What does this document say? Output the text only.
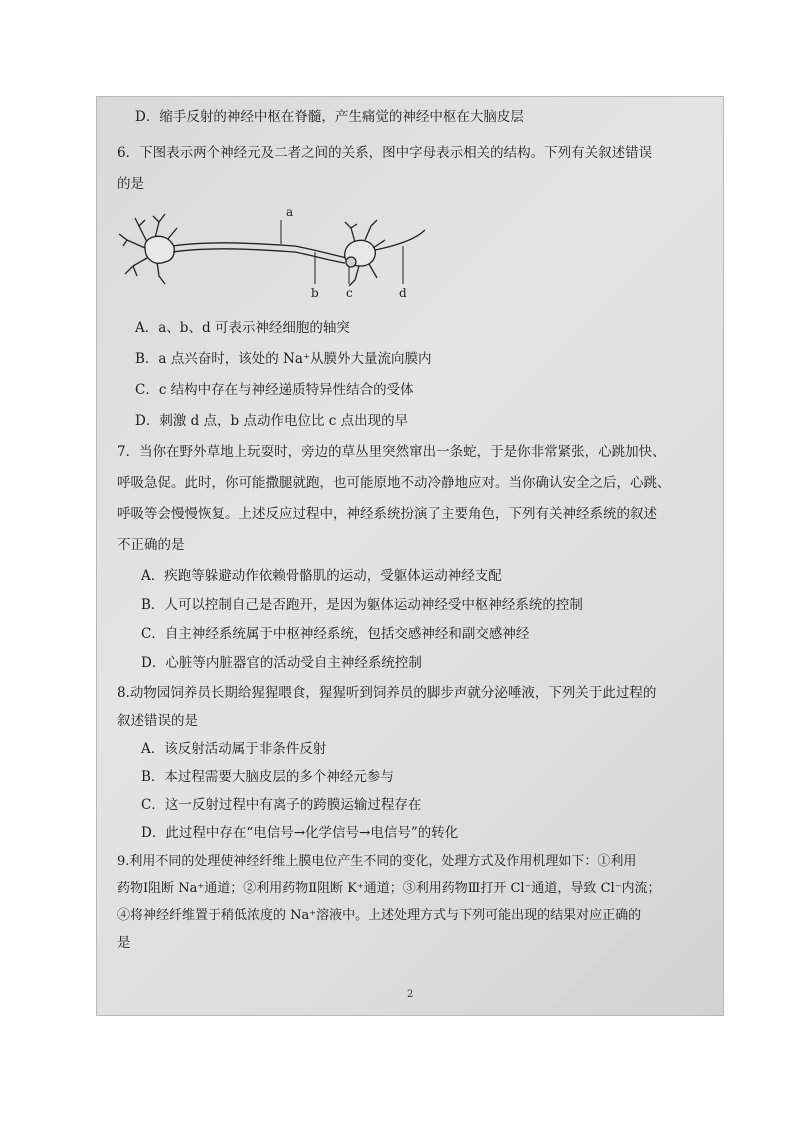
D．缩手反射的神经中枢在脊髓，产生痛觉的神经中枢在大脑皮层
6．下图表示两个神经元及二者之间的关系，图中字母表示相关的结构。下列有关叙述错误
的是
a
b c	d
A．a、b、d 可表示神经细胞的轴突
B．a 点兴奋时，该处的 Na⁺从膜外大量流向膜内
C．c 结构中存在与神经递质特异性结合的受体
D．刺激 d 点，b 点动作电位比 c 点出现的早
7．当你在野外草地上玩耍时，旁边的草丛里突然窜出一条蛇，于是你非常紧张，心跳加快、
呼吸急促。此时，你可能撒腿就跑，也可能原地不动冷静地应对。当你确认安全之后，心跳、
呼吸等会慢慢恢复。上述反应过程中，神经系统扮演了主要角色，下列有关神经系统的叙述
不正确的是
A．疾跑等躲避动作依赖骨骼肌的运动，受躯体运动神经支配
B．人可以控制自己是否跑开，是因为躯体运动神经受中枢神经系统的控制
C．自主神经系统属于中枢神经系统，包括交感神经和副交感神经
D．心脏等内脏器官的活动受自主神经系统控制
8.动物园饲养员长期给猩猩喂食，猩猩听到饲养员的脚步声就分泌唾液，下列关于此过程的
叙述错误的是
A．该反射活动属于非条件反射
B．本过程需要大脑皮层的多个神经元参与
C．这一反射过程中有离子的跨膜运输过程存在
D．此过程中存在“电信号→化学信号→电信号”的转化
9.利用不同的处理使神经纤维上膜电位产生不同的变化，处理方式及作用机理如下：①利用
药物Ⅰ阻断 Na⁺通道；②利用药物Ⅱ阻断 K⁺通道；③利用药物Ⅲ打开 Cl⁻通道，导致 Cl⁻内流；
④将神经纤维置于稍低浓度的 Na⁺溶液中。上述处理方式与下列可能出现的结果对应正确的
是
2
